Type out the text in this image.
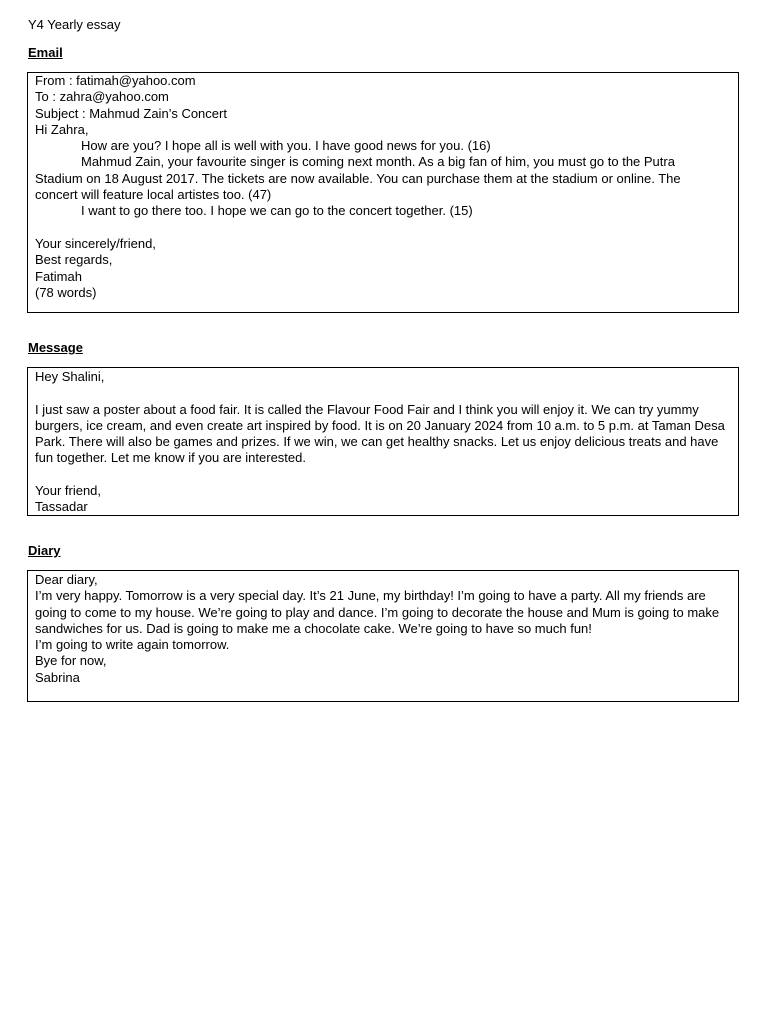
Y4 Yearly essay
Email
From : fatimah@yahoo.com
To : zahra@yahoo.com
Subject : Mahmud Zain’s Concert
Hi Zahra,
How are you? I hope all is well with you. I have good news for you. (16)
Mahmud Zain, your favourite singer is coming next month. As a big fan of him, you must go to the Putra Stadium on 18 August 2017. The tickets are now available. You can purchase them at the stadium or online. The concert will feature local artistes too. (47)
I want to go there too. I hope we can go to the concert together. (15)
Your sincerely/friend,
Best regards,
Fatimah
(78 words)
Message
Hey Shalini,
I just saw a poster about a food fair. It is called the Flavour Food Fair and I think you will enjoy it. We can try yummy burgers, ice cream, and even create art inspired by food. It is on 20 January 2024 from 10 a.m. to 5 p.m. at Taman Desa Park. There will also be games and prizes. If we win, we can get healthy snacks. Let us enjoy delicious treats and have fun together. Let me know if you are interested.
Your friend,
Tassadar
Diary
Dear diary,
I’m very happy. Tomorrow is a very special day. It’s 21 June, my birthday! I’m going to have a party. All my friends are going to come to my house. We’re going to play and dance. I’m going to decorate the house and Mum is going to make sandwiches for us. Dad is going to make me a chocolate cake. We’re going to have so much fun!
I’m going to write again tomorrow.
Bye for now,
Sabrina
